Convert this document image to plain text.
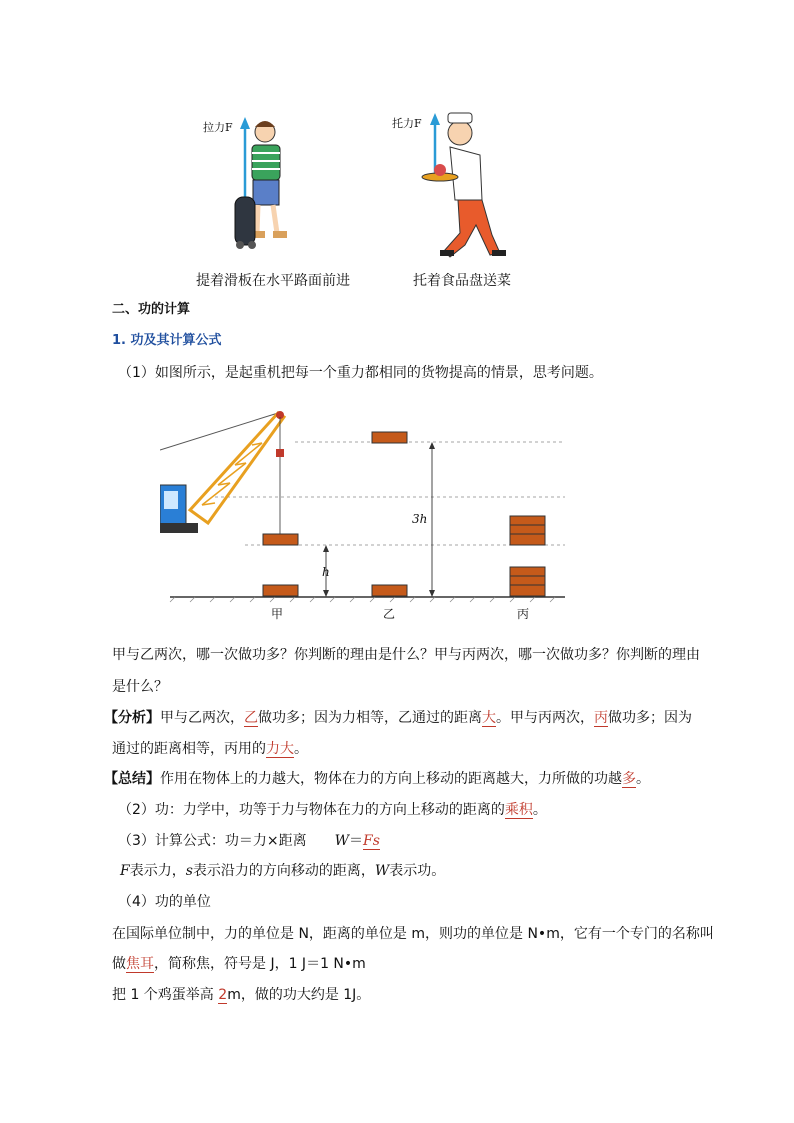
拉力F	托力F
提着滑板在水平路面前进	托着食品盘送菜
二、功的计算
1. 功及其计算公式
（1）如图所示，是起重机把每一个重力都相同的货物提高的情景，思考问题。
h
3h
甲	乙	丙
甲与乙两次，哪一次做功多？你判断的理由是什么？甲与丙两次，哪一次做功多？你判断的理由
是什么？
【分析】甲与乙两次，乙做功多；因为力相等，乙通过的距离大。甲与丙两次，丙做功多；因为
通过的距离相等，丙用的力大。
【总结】作用在物体上的力越大，物体在力的方向上移动的距离越大，力所做的功越多。
（2）功：力学中，功等于力与物体在力的方向上移动的距离的乘积。
（3）计算公式：功＝力×距离 W＝Fs
F表示力，s表示沿力的方向移动的距离，W表示功。
（4）功的单位
在国际单位制中，力的单位是 N，距离的单位是 m，则功的单位是 N•m，它有一个专门的名称叫
做焦耳，简称焦，符号是 J，1 J＝1 N•m
把 1 个鸡蛋举高 2m，做的功大约是 1J。
